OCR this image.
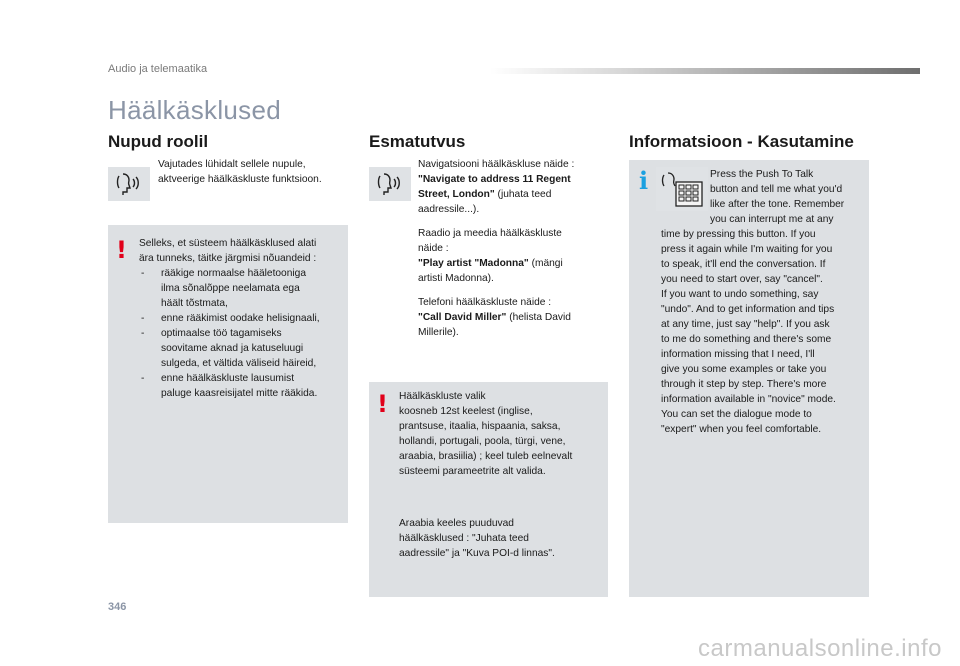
Audio ja telemaatika
Häälkäsklused
Nupud roolil
Vajutades lühidalt sellele nupule,
aktveerige häälkäskluste funktsioon.
! Selleks, et süsteem häälkäsklused alati
ära tunneks, täitke järgmisi nõuandeid :
- rääkige normaalse hääletooniga
ilma sõnalõppe neelamata ega
häält tõstmata,
- enne rääkimist oodake helisignaali,
- optimaalse töö tagamiseks
soovitame aknad ja katuseluugi
sulgeda, et vältida väliseid häireid,
- enne häälkäskluste lausumist
paluge kaasreisijatel mitte rääkida.
Esmatutvus
Navigatsiooni häälkäskluse näide :
"Navigate to address 11 Regent
Street, London" (juhata teed
aadressile...).
Raadio ja meedia häälkäskluste
näide :
"Play artist "Madonna" (mängi
artisti Madonna).
Telefoni häälkäskluste näide :
"Call David Miller" (helista David
Millerile).
! Häälkäskluste valik
koosneb 12st keelest (inglise,
prantsuse, itaalia, hispaania, saksa,
hollandi, portugali, poola, türgi, vene,
araabia, brasiilia) ; keel tuleb eelnevalt
süsteemi parameetrite alt valida.
Araabia keeles puuduvad
häälkäsklused : "Juhata teed
aadressile" ja "Kuva POI-d linnas".
Informatsioon - Kasutamine
i	Press the Push To Talk
button and tell me what you'd
like after the tone. Remember
you can interrupt me at any
time by pressing this button. If you
press it again while I'm waiting for you
to speak, it'll end the conversation. If
you need to start over, say "cancel".
If you want to undo something, say
"undo". And to get information and tips
at any time, just say "help". If you ask
to me do something and there's some
information missing that I need, I'll
give you some examples or take you
through it step by step. There's more
information available in "novice" mode.
You can set the dialogue mode to
"expert" when you feel comfortable.
346
carmanualsonline.info
